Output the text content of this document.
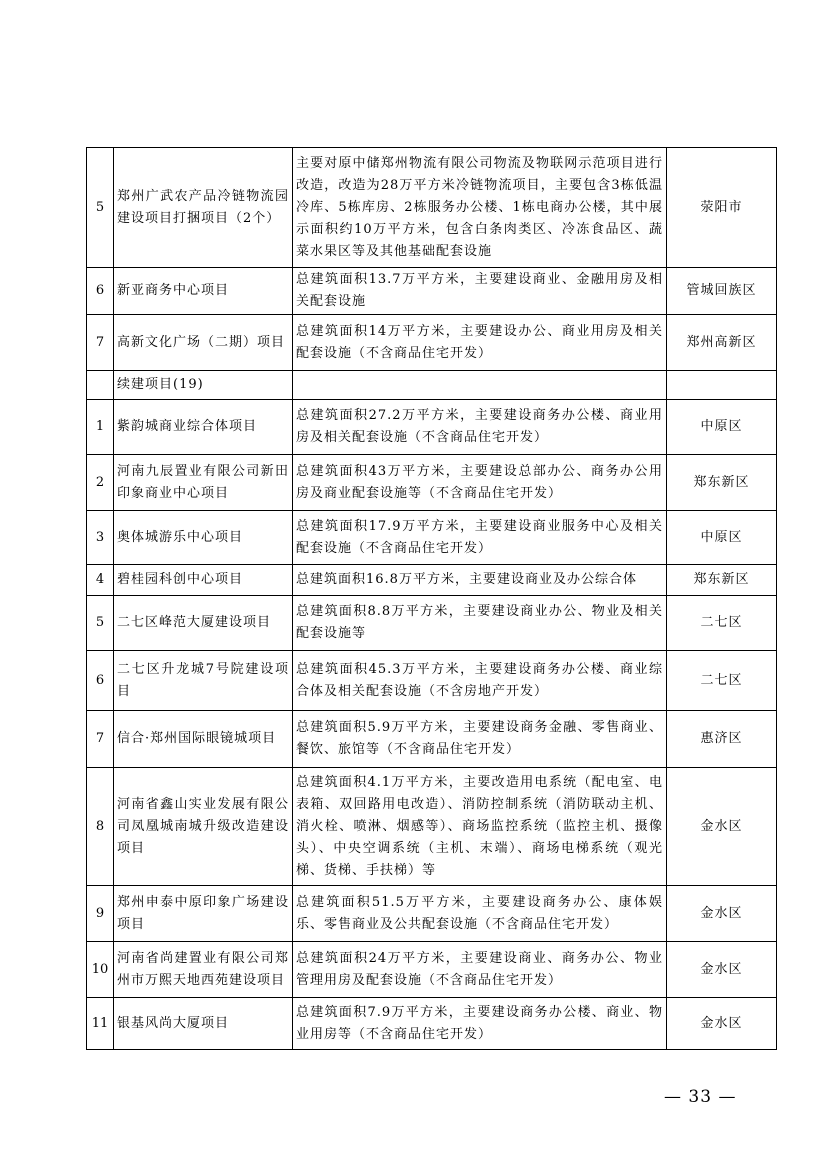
5	郑州广武农产品冷链物流园建设项目打捆项目（2个）	主要对原中储郑州物流有限公司物流及物联网示范项目进行改造，改造为28万平方米冷链物流项目，主要包含3栋低温冷库、5栋库房、2栋服务办公楼、1栋电商办公楼，其中展示面积约10万平方米，包含白条肉类区、冷冻食品区、蔬菜水果区等及其他基础配套设施	荥阳市
6	新亚商务中心项目	总建筑面积13.7万平方米，主要建设商业、金融用房及相关配套设施	管城回族区
7	高新文化广场（二期）项目	总建筑面积14万平方米，主要建设办公、商业用房及相关配套设施（不含商品住宅开发）	郑州高新区
	续建项目(19)		
1	紫韵城商业综合体项目	总建筑面积27.2万平方米，主要建设商务办公楼、商业用房及相关配套设施（不含商品住宅开发）	中原区
2	河南九辰置业有限公司新田印象商业中心项目	总建筑面积43万平方米，主要建设总部办公、商务办公用房及商业配套设施等（不含商品住宅开发）	郑东新区
3	奥体城游乐中心项目	总建筑面积17.9万平方米，主要建设商业服务中心及相关配套设施（不含商品住宅开发）	中原区
4	碧桂园科创中心项目	总建筑面积16.8万平方米，主要建设商业及办公综合体	郑东新区
5	二七区峰范大厦建设项目	总建筑面积8.8万平方米，主要建设商业办公、物业及相关配套设施等	二七区
6	二七区升龙城7号院建设项目	总建筑面积45.3万平方米，主要建设商务办公楼、商业综合体及相关配套设施（不含房地产开发）	二七区
7	信合·郑州国际眼镜城项目	总建筑面积5.9万平方米，主要建设商务金融、零售商业、餐饮、旅馆等（不含商品住宅开发）	惠济区
8	河南省鑫山实业发展有限公司凤凰城南城升级改造建设项目	总建筑面积4.1万平方米，主要改造用电系统（配电室、电表箱、双回路用电改造）、消防控制系统（消防联动主机、消火栓、喷淋、烟感等）、商场监控系统（监控主机、摄像头）、中央空调系统（主机、末端）、商场电梯系统（观光梯、货梯、手扶梯）等	金水区
9	郑州申泰中原印象广场建设项目	总建筑面积51.5万平方米，主要建设商务办公、康体娱乐、零售商业及公共配套设施（不含商品住宅开发）	金水区
10	河南省尚建置业有限公司郑州市万熙天地西苑建设项目	总建筑面积24万平方米，主要建设商业、商务办公、物业管理用房及配套设施（不含商品住宅开发）	金水区
11	银基风尚大厦项目	总建筑面积7.9万平方米，主要建设商务办公楼、商业、物业用房等（不含商品住宅开发）	金水区
— 33 —
